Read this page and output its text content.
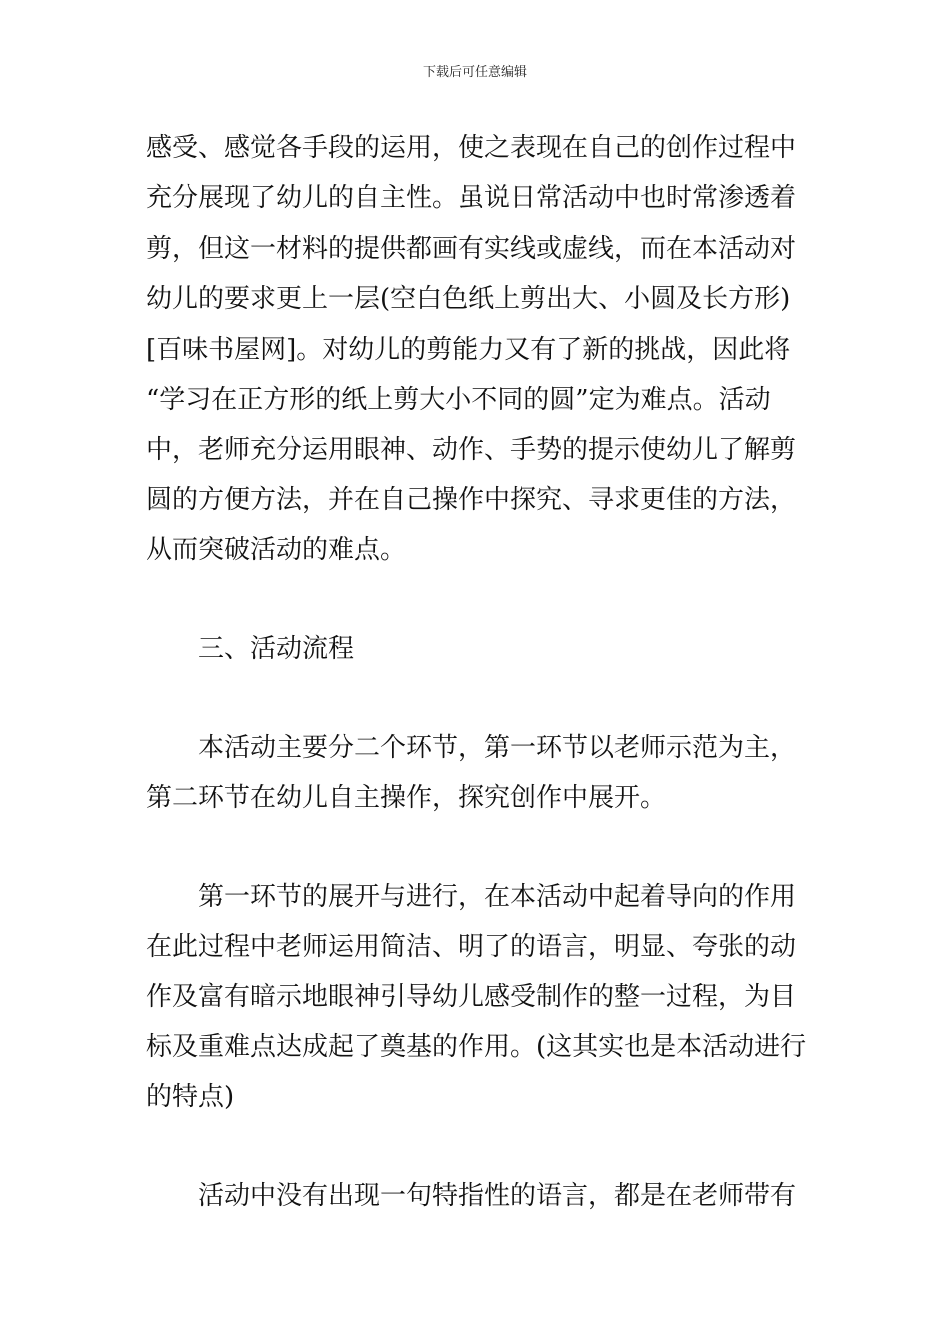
下载后可任意编辑

感受、感觉各手段的运用，使之表现在自己的创作过程中

充分展现了幼儿的自主性。虽说日常活动中也时常渗透着

剪，但这一材料的提供都画有实线或虚线，而在本活动对

幼儿的要求更上一层(空白色纸上剪出大、小圆及长方形)

[百味书屋网]。对幼儿的剪能力又有了新的挑战，因此将

“学习在正方形的纸上剪大小不同的圆”定为难点。活动

中，老师充分运用眼神、动作、手势的提示使幼儿了解剪

圆的方便方法，并在自己操作中探究、寻求更佳的方法，

从而突破活动的难点。

三、活动流程

本活动主要分二个环节，第一环节以老师示范为主，

第二环节在幼儿自主操作，探究创作中展开。

第一环节的展开与进行，在本活动中起着导向的作用

在此过程中老师运用简洁、明了的语言，明显、夸张的动

作及富有暗示地眼神引导幼儿感受制作的整一过程，为目

标及重难点达成起了奠基的作用。(这其实也是本活动进行

的特点)

活动中没有出现一句特指性的语言，都是在老师带有
